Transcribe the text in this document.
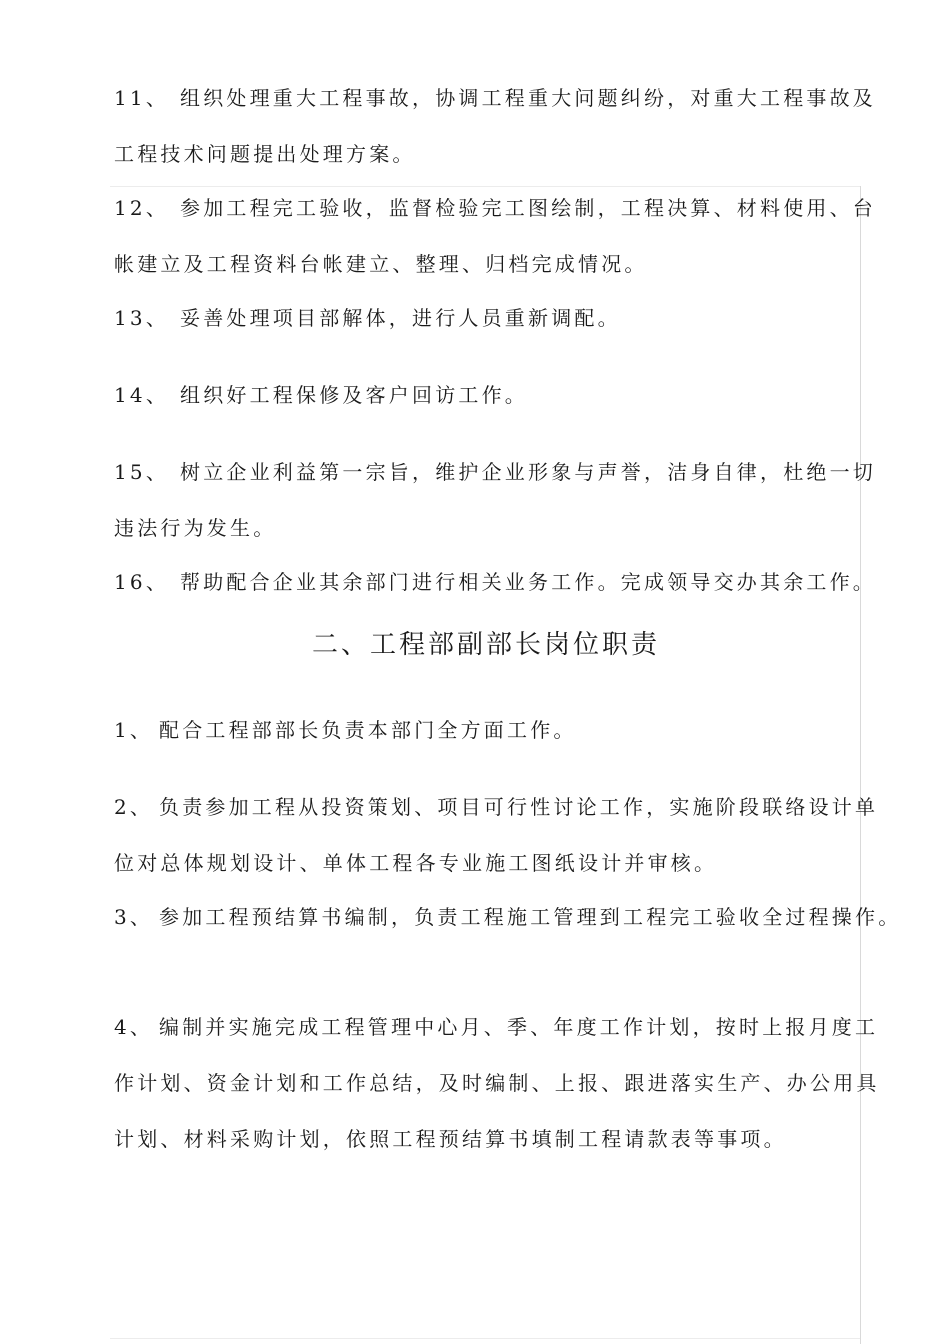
11、 组织处理重大工程事故，协调工程重大问题纠纷，对重大工程事故及
工程技术问题提出处理方案。
12、 参加工程完工验收，监督检验完工图绘制，工程决算、材料使用、台
帐建立及工程资料台帐建立、整理、归档完成情况。
13、 妥善处理项目部解体，进行人员重新调配。
14、 组织好工程保修及客户回访工作。
15、 树立企业利益第一宗旨，维护企业形象与声誉，洁身自律，杜绝一切
违法行为发生。
16、 帮助配合企业其余部门进行相关业务工作。完成领导交办其余工作。
二、工程部副部长岗位职责
1、 配合工程部部长负责本部门全方面工作。
2、 负责参加工程从投资策划、项目可行性讨论工作，实施阶段联络设计单
位对总体规划设计、单体工程各专业施工图纸设计并审核。
3、 参加工程预结算书编制，负责工程施工管理到工程完工验收全过程操作。
4、 编制并实施完成工程管理中心月、季、年度工作计划，按时上报月度工
作计划、资金计划和工作总结，及时编制、上报、跟进落实生产、办公用具
计划、材料采购计划，依照工程预结算书填制工程请款表等事项。
